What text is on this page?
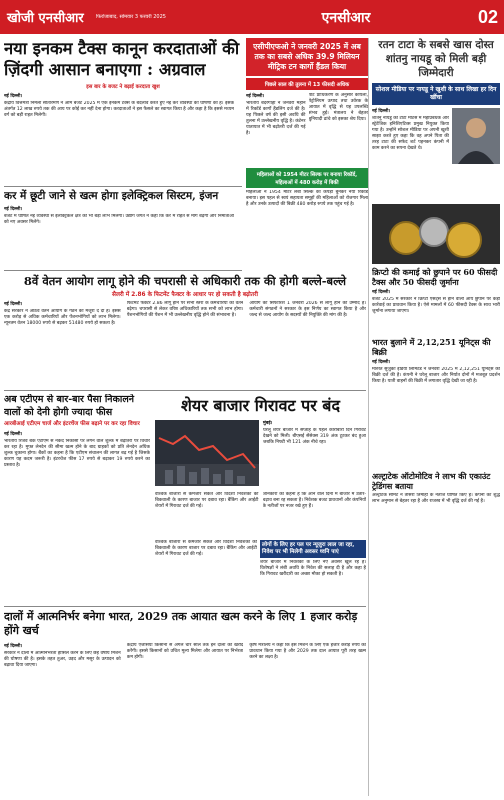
खोजी एनसीआर	फिरोजाबाद, सोमवार 3 फरवरी 2025	एनसीआर	02
नया इनकम टैक्स कानून करदाताओं की ज़िंदगी आसान बनाएगा : अग्रवाल
इस बार के बजट ने बढ़ाईं करदाता खुश
नई दिल्ली।
केंद्रीय वित्तमंत्री निर्मला सीतारमण ने आम बजट 2025 में एक इनकम टैक्स के बदलाव करते हुए नई कर व्यवस्था की घोषणा की है। इसके अंतर्गत 12 लाख रुपये तक की आय पर कोई कर नहीं देना होगा। करदाताओं ने इस फैसले का स्वागत किया है और कहा है कि इससे मध्यम वर्ग को बड़ी राहत मिलेगी।
कर में छूटी जाने से खत्म होगा इलेक्ट्रिकल सिस्टम, इंजन
नई दिल्ली।
बजट में घोषित नई व्यवस्था से इलेक्ट्रिकल क्षेत्र को भी बड़ा लाभ मिलेगा। उद्योग जगत ने कहा कि कर में राहत से मांग बढ़ेगी और निर्माताओं को नए अवसर मिलेंगे।
8वें वेतन आयोग लागू होने की चपरासी से अधिकारी तक की होगी बल्ले-बल्ले
सैलरी में 2.86 के फिटमेंट फैक्टर के आधार पर हो सकती है बढ़ोतरी
नई दिल्ली।
केंद्र सरकार ने आठवें वेतन आयोग के गठन को मंजूरी दे दी है। इससे एक करोड़ से अधिक कर्मचारियों और पेंशनभोगियों को लाभ मिलेगा। न्यूनतम वेतन 18000 रुपये से बढ़कर 51480 रुपये हो सकता है।
फिटमेंट फैक्टर 2.86 लागू होने पर सभी स्तरों के कर्मचारियों का वेतन बढ़ेगा। चपरासी से लेकर वरिष्ठ अधिकारियों तक सभी को लाभ होगा। पेंशनभोगियों की पेंशन में भी उल्लेखनीय वृद्धि होने की संभावना है।
आयोग की सिफारिशें 1 जनवरी 2026 से लागू होने की उम्मीद है। कर्मचारी संगठनों ने सरकार के इस निर्णय का स्वागत किया है और जल्द से जल्द आयोग के सदस्यों की नियुक्ति की मांग की है।
अब एटीएम से बार-बार पैसा निकालने वालों को देनी होगी ज्यादा फीस
आरबीआई एटीएम चार्ज और इंटरचेंज फीस बढ़ाने पर कर रहा विचार
नई दिल्ली।
भारतीय रिजर्व बैंक एटीएम से नकद निकासी पर लगने वाले शुल्क में बढ़ोतरी पर विचार कर रहा है। मुफ्त लेनदेन की सीमा खत्म होने के बाद ग्राहकों को प्रति लेनदेन अधिक शुल्क चुकाना होगा। बैंकों का कहना है कि एटीएम संचालन की लागत बढ़ गई है जिसके कारण यह कदम जरूरी है। इंटरचेंज फीस 17 रुपये से बढ़ाकर 19 रुपये करने का प्रस्ताव है।
शेयर बाजार गिरावट पर बंद
मुंबई।
घरेलू शेयर बाजार में सप्ताह के पहले कारोबारी दिन गिरावट देखने को मिली। बीएसई सेंसेक्स 319 अंक टूटकर बंद हुआ जबकि निफ्टी भी 121 अंक नीचे रहा।
वैश्विक बाजारों से कमजोर संकेत और विदेशी निवेशकों की बिकवाली के कारण बाजार पर दबाव रहा। बैंकिंग और आईटी शेयरों में गिरावट दर्ज की गई।
जानकारों का कहना है कि आने वाले दिनों में बाजार में उतार-चढ़ाव बना रह सकता है। निवेशक बजट प्रावधानों और कंपनियों के नतीजों पर नजर रखे हुए हैं।
लोगों के लिए हर पल पर न्यूजुरा लाल जा रहा, निवेश पर भी मिलेगी अवसर ध्वनि पाएं
शेयर बाजार में निवेशकों के लिए नए अवसर खुल रहे हैं। विशेषज्ञों ने लंबी अवधि के निवेश की सलाह दी है और कहा है कि गिरावट खरीदारी का अच्छा मौका हो सकती है।
वैश्विक बाजारों से कमजोर संकेत और विदेशी निवेशकों की बिकवाली के कारण बाजार पर दबाव रहा। बैंकिंग और आईटी शेयरों में गिरावट दर्ज की गई।
दालों में आत्मनिर्भर बनेगा भारत, 2029 तक आयात खत्म करने के लिए 1 हजार करोड़ होंगे खर्च
नई दिल्ली।
सरकार ने दालों में आत्मनिर्भरता हासिल करने के लिए छह वर्षीय मिशन की घोषणा की है। इसके तहत तुअर, उड़द और मसूर के उत्पादन को बढ़ावा दिया जाएगा।
केंद्रीय एजेंसियां किसानों से अगले चार साल तक इन दालों की खरीद करेंगी। इससे किसानों को उचित मूल्य मिलेगा और आयात पर निर्भरता कम होगी।
कृषि मंत्रालय ने कहा कि इस मिशन के लिए एक हजार करोड़ रुपये का प्रावधान किया गया है और 2029 तक दाल आयात पूरी तरह खत्म करने का लक्ष्य है।
एसीपीएफओ ने जनवरी 2025 में अब तक का सबसे अधिक 39.9 मिलियन मीट्रिक टन कार्गो हैंडल किया
पिछले साल की तुलना में 13 फीसदी अधिक
नई दिल्ली।
भारतीय बंदरगाहों ने जनवरी महीने में रिकॉर्ड कार्गो हैंडलिंग दर्ज की है। यह पिछले वर्ष की इसी अवधि की तुलना में उल्लेखनीय वृद्धि है। कंटेनर यातायात में भी बढ़ोतरी दर्ज की गई है।
पोर्ट प्राधिकरण के अनुसार कोयला, पेट्रोलियम उत्पाद तथा उर्वरक के आयात में वृद्धि से यह उपलब्धि संभव हुई। मंत्रालय ने बेहतर बुनियादी ढांचे को इसका श्रेय दिया।
महिलाओं को 1954 मीटर सिल्क पर बनाया रिकॉर्ड, महिलाओं में 480 करोड़ में बिकी
महिलाओं ने 1954 मीटर लंबा सिल्क का कपड़ा बुनकर नया रिकॉर्ड बनाया। इस पहल से स्वयं सहायता समूहों की महिलाओं को रोजगार मिला है और उनके उत्पादों की बिक्री 480 करोड़ रुपये तक पहुंच गई है।
रतन टाटा के सबसे खास दोस्त शांतनु नायडू को मिली बड़ी जिम्मेदारी
सोशल मीडिया पर नायडू ने खुशी के साथ लिखा हर दिन खींचा
नई दिल्ली।
शांतनु नायडू को टाटा मोटर्स में महाप्रबंधक और स्ट्रेटेजिक इनिशिएटिव्स प्रमुख नियुक्त किया गया है। उन्होंने सोशल मीडिया पर अपनी खुशी साझा करते हुए कहा कि वह अपने पिता की तरह टाटा की सफेद शर्ट पहनकर कंपनी में काम करने का सपना देखते थे।
क्रिप्टो की कमाई को छुपाने पर 60 फीसदी टैक्स और 50 फीसदी जुर्माना
नई दिल्ली।
बजट 2025 में सरकार ने क्रिप्टो एसेट्स से होने वाली आय छुपाने पर कड़ी कार्रवाई का प्रावधान किया है। ऐसे मामलों में 60 फीसदी टैक्स के साथ भारी जुर्माना लगाया जाएगा।
भारत बुलाने में 2,12,251 यूनिट्स की बिक्री
नई दिल्ली।
मारुति सुजुकी इंडिया लिमिटेड ने जनवरी 2025 में 2,12,251 यूनिट्स की बिक्री दर्ज की है। कंपनी ने घरेलू बाजार और निर्यात दोनों में मजबूत प्रदर्शन किया है। यात्री वाहनों की बिक्री में लगातार वृद्धि देखी जा रही है।
अल्ट्राटेक ऑटोमोटिव ने लाभ की एकाउंट ट्रेडिंगस बताया
अल्ट्राटेक सीमेंट ने तीसरी तिमाही के नतीजे घोषित किए हैं। कंपनी का शुद्ध लाभ अनुमान से बेहतर रहा है और राजस्व में भी वृद्धि दर्ज की गई है।
